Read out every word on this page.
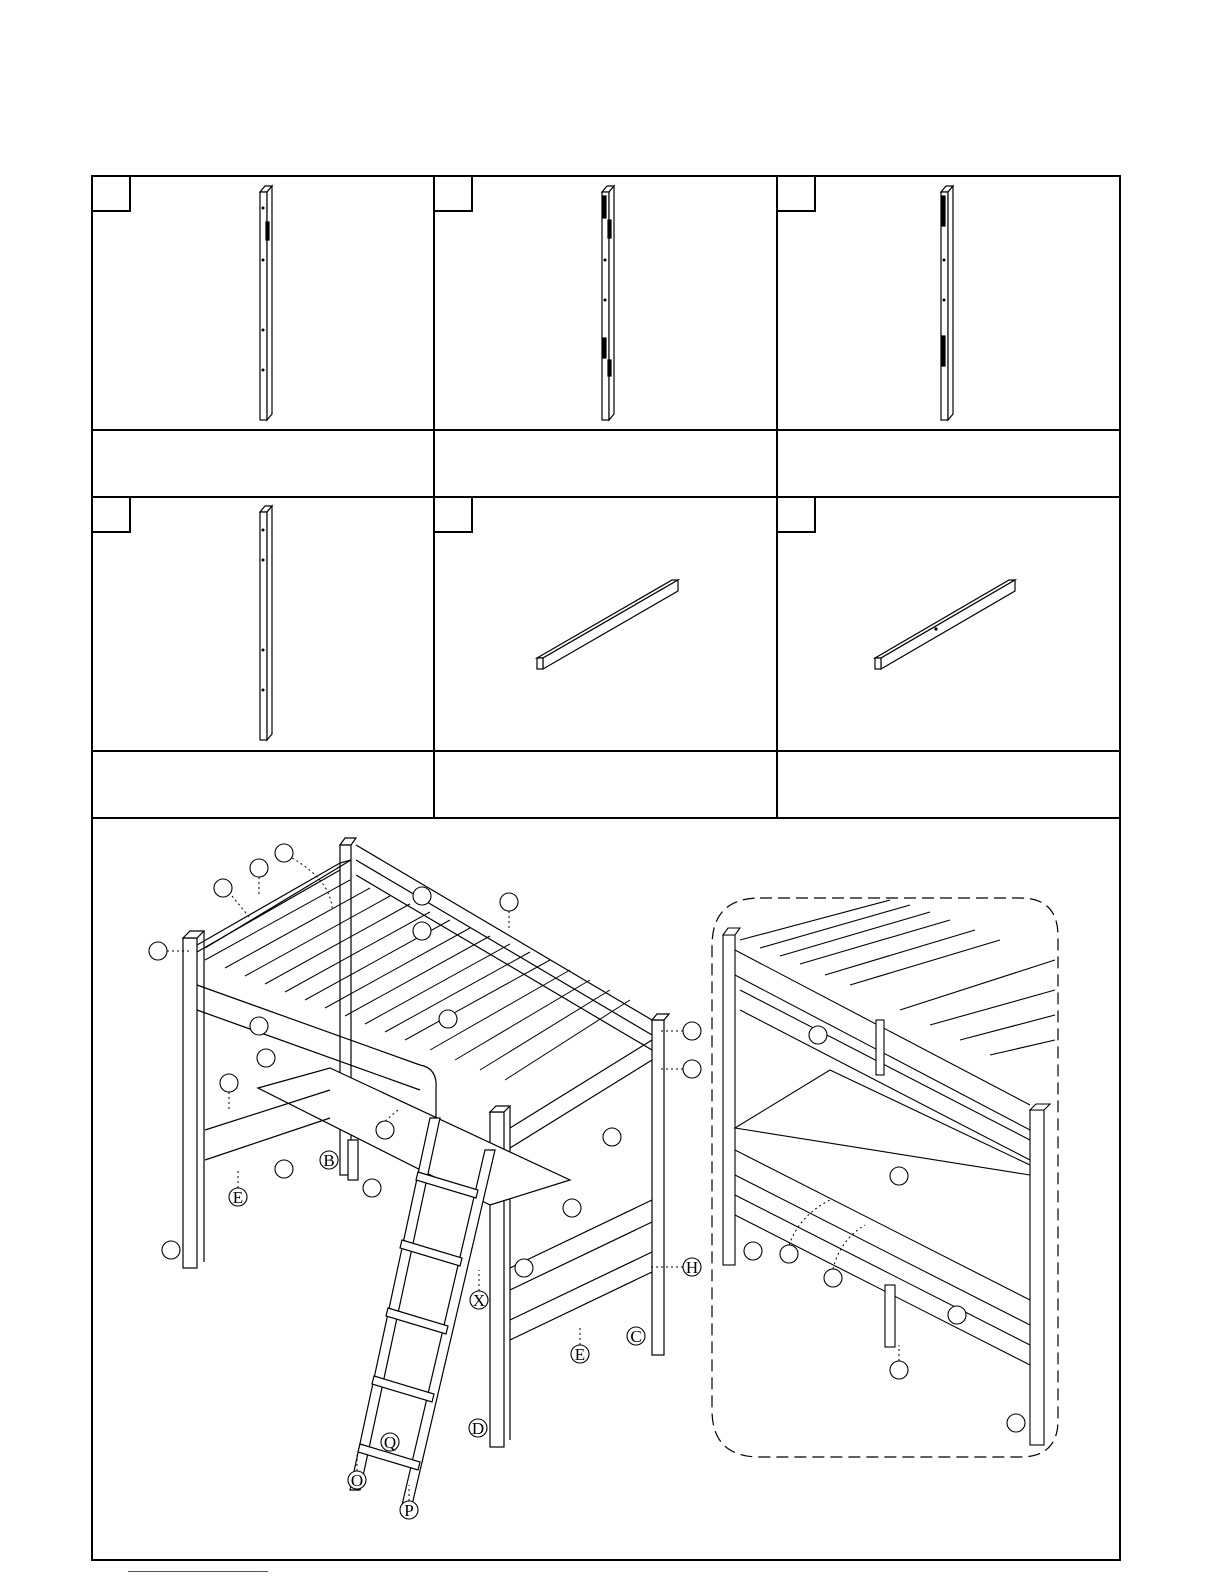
B
E
H
X
C
E
D
Q
O
P
